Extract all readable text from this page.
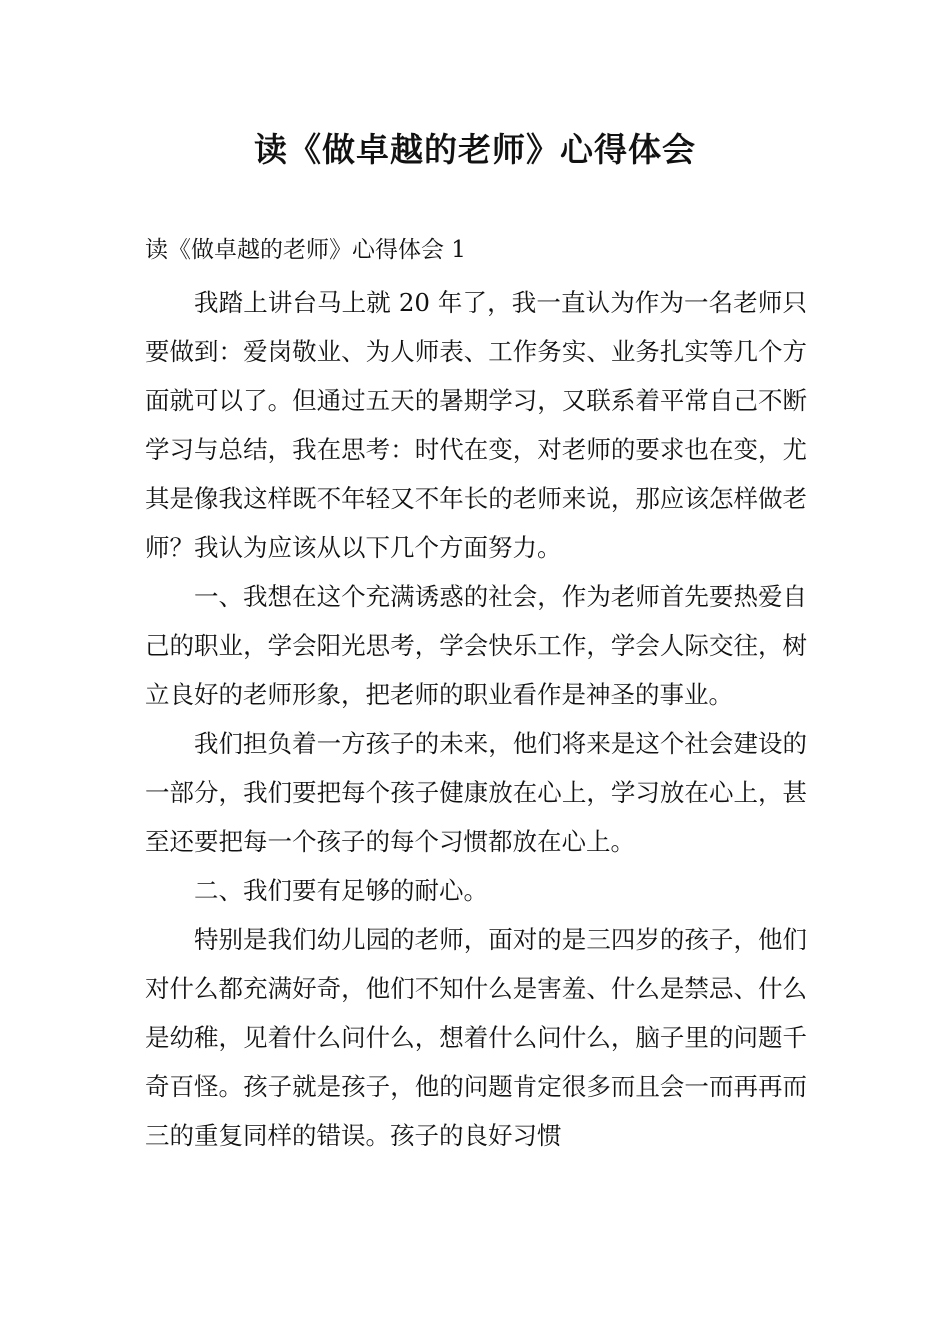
读《做卓越的老师》心得体会
读《做卓越的老师》心得体会 1

我踏上讲台马上就 20 年了，我一直认为作为一名老师只要做到：爱岗敬业、为人师表、工作务实、业务扎实等几个方面就可以了。但通过五天的暑期学习，又联系着平常自己不断学习与总结，我在思考：时代在变，对老师的要求也在变，尤其是像我这样既不年轻又不年长的老师来说，那应该怎样做老师？我认为应该从以下几个方面努力。

一、我想在这个充满诱惑的社会，作为老师首先要热爱自己的职业，学会阳光思考，学会快乐工作，学会人际交往，树立良好的老师形象，把老师的职业看作是神圣的事业。

我们担负着一方孩子的未来，他们将来是这个社会建设的一部分，我们要把每个孩子健康放在心上，学习放在心上，甚至还要把每一个孩子的每个习惯都放在心上。

二、我们要有足够的耐心。

特别是我们幼儿园的老师，面对的是三四岁的孩子，他们对什么都充满好奇，他们不知什么是害羞、什么是禁忌、什么是幼稚，见着什么问什么，想着什么问什么，脑子里的问题千奇百怪。孩子就是孩子，他的问题肯定很多而且会一而再再而三的重复同样的错误。孩子的良好习惯
